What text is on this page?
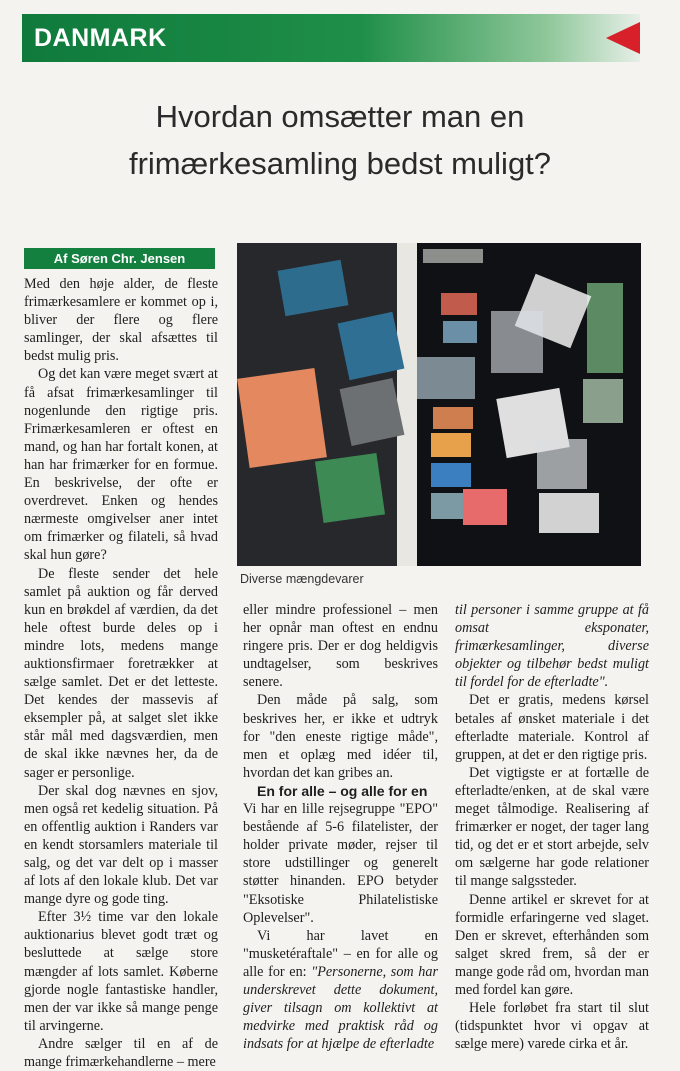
DANMARK
Hvordan omsætter man en
frimærkesamling bedst muligt?
Af Søren Chr. Jensen

Med den høje alder, de fleste frimærkesamlere er kommet op i, bliver der flere og flere samlinger, der skal afsættes til bedst mulig pris.

Og det kan være meget svært at få afsat frimærkesamlinger til nogenlunde den rigtige pris. Frimærkesamleren er oftest en mand, og han har fortalt konen, at han har frimærker for en formue. En beskrivelse, der ofte er overdrevet. Enken og hendes nærmeste omgivelser aner intet om frimærker og filateli, så hvad skal hun gøre?

De fleste sender det hele samlet på auktion og får derved kun en brøkdel af værdien, da det hele oftest burde deles op i mindre lots, medens mange auktionsfirmaer foretrækker at sælge samlet. Det er det letteste. Det kendes der massevis af eksempler på, at salget slet ikke står mål med dagsværdien, men de skal ikke nævnes her, da de sager er personlige.

Der skal dog nævnes en sjov, men også ret kedelig situation. På en offentlig auktion i Randers var en kendt storsamlers materiale til salg, og det var delt op i masser af lots af den lokale klub. Det var mange dyre og gode ting.

Efter 3½ time var den lokale auktionarius blevet godt træt og besluttede at sælge store mængder af lots samlet. Køberne gjorde nogle fantastiske handler, men der var ikke så mange penge til arvingerne.

Andre sælger til en af de mange frimærkehandlerne – mere

Diverse mængdevarer

eller mindre professionel – men her opnår man oftest en endnu ringere pris. Der er dog heldigvis undtagelser, som beskrives senere.

Den måde på salg, som beskrives her, er ikke et udtryk for "den eneste rigtige måde", men et oplæg med idéer til, hvordan det kan gribes an.

En for alle – og alle for en

Vi har en lille rejsegruppe "EPO" bestående af 5-6 filatelister, der holder private møder, rejser til store udstillinger og generelt støtter hinanden. EPO betyder "Eksotiske Philatelistiske Oplevelser".

Vi har lavet en "musketéraftale" – en for alle og alle for en: "Personerne, som har underskrevet dette dokument, giver tilsagn om kollektivt at medvirke med praktisk råd og indsats for at hjælpe de efterladte

til personer i samme gruppe at få omsat eksponater, frimærkesamlinger, diverse objekter og tilbehør bedst muligt til fordel for de efterladte".

Det er gratis, medens kørsel betales af ønsket materiale i det efterladte materiale. Kontrol af gruppen, at det er den rigtige pris.

Det vigtigste er at fortælle de efterladte/enken, at de skal være meget tålmodige. Realisering af frimærker er noget, der tager lang tid, og det er et stort arbejde, selv om sælgerne har gode relationer til mange salgssteder.

Denne artikel er skrevet for at formidle erfaringerne ved slaget. Den er skrevet, efterhånden som salget skred frem, så der er mange gode råd om, hvordan man med fordel kan gøre.

Hele forløbet fra start til slut (tidspunktet hvor vi opgav at sælge mere) varede cirka et år.
